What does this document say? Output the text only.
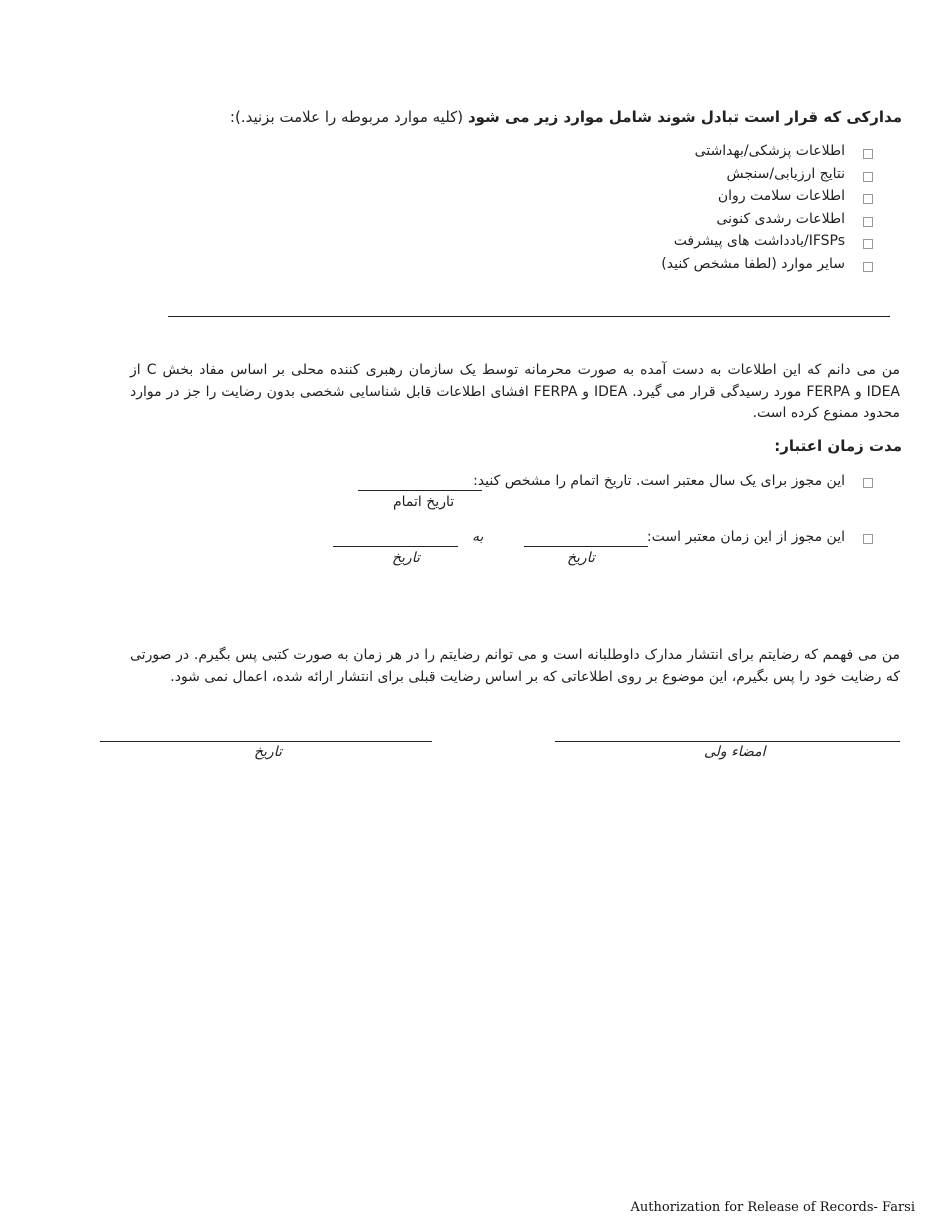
مدارکی که قرار است تبادل شوند شامل موارد زیر می شود (کلیه موارد مربوطه را علامت بزنید.):
اطلاعات پزشکی/بهداشتی
نتایج ارزیابی/سنجش
اطلاعات سلامت روان
اطلاعات رشدی کنونی
IFSPs/یادداشت های پیشرفت
سایر موارد (لطفا مشخص کنید)
من می دانم که این اطلاعات به دست آمده به صورت محرمانه توسط یک سازمان رهبری کننده محلی بر اساس مفاد بخش C از IDEA و FERPA مورد رسیدگی قرار می گیرد. IDEA و FERPA افشای اطلاعات قابل شناسایی شخصی بدون رضایت را جز در موارد محدود ممنوع کرده است.
مدت زمان اعتبار:
این مجوز برای یک سال معتبر است. تاریخ اتمام را مشخص کنید:
تاریخ اتمام
این مجوز از این زمان معتبر است:
به
تاریخ
تاریخ
من می فهمم که رضایتم برای انتشار مدارک داوطلبانه است و می توانم رضایتم را در هر زمان به صورت کتبی پس بگیرم. در صورتی که رضایت خود را پس بگیرم، این موضوع بر روی اطلاعاتی که بر اساس رضایت قبلی برای انتشار ارائه شده، اعمال نمی شود.
تاریخ	امضاء ولی
Authorization for Release of Records- Farsi
